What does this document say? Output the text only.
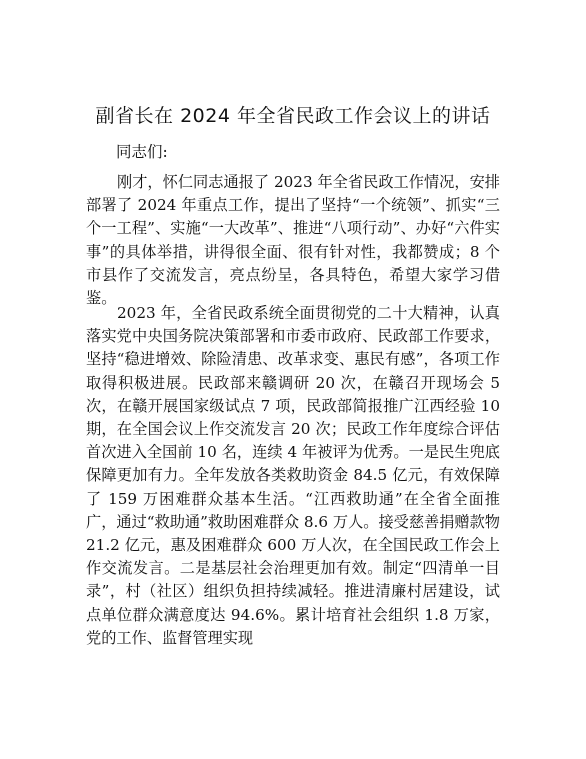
副省长在 2024 年全省民政工作会议上的讲话

同志们:

刚才，怀仁同志通报了 2023 年全省民政工作情况，安排部署了 2024 年重点工作，提出了坚持“一个统领”、抓实“三个一工程”、实施“一大改革”、推进“八项行动”、办好“六件实事”的具体举措，讲得很全面、很有针对性，我都赞成；8 个市县作了交流发言，亮点纷呈，各具特色，希望大家学习借鉴。

2023 年，全省民政系统全面贯彻党的二十大精神，认真落实党中央国务院决策部署和市委市政府、民政部工作要求，坚持“稳进增效、除险清患、改革求变、惠民有感”，各项工作取得积极进展。民政部来赣调研 20 次，在赣召开现场会 5 次，在赣开展国家级试点 7 项，民政部简报推广江西经验 10 期，在全国会议上作交流发言 20 次；民政工作年度综合评估首次进入全国前 10 名，连续 4 年被评为优秀。一是民生兜底保障更加有力。全年发放各类救助资金 84.5 亿元，有效保障了 159 万困难群众基本生活。“江西救助通”在全省全面推广，通过“救助通”救助困难群众 8.6 万人。接受慈善捐赠款物 21.2 亿元，惠及困难群众 600 万人次，在全国民政工作会上作交流发言。二是基层社会治理更加有效。制定“四清单一目录”，村（社区）组织负担持续减轻。推进清廉村居建设，试点单位群众满意度达 94.6%。累计培育社会组织 1.8 万家，党的工作、监督管理实现
